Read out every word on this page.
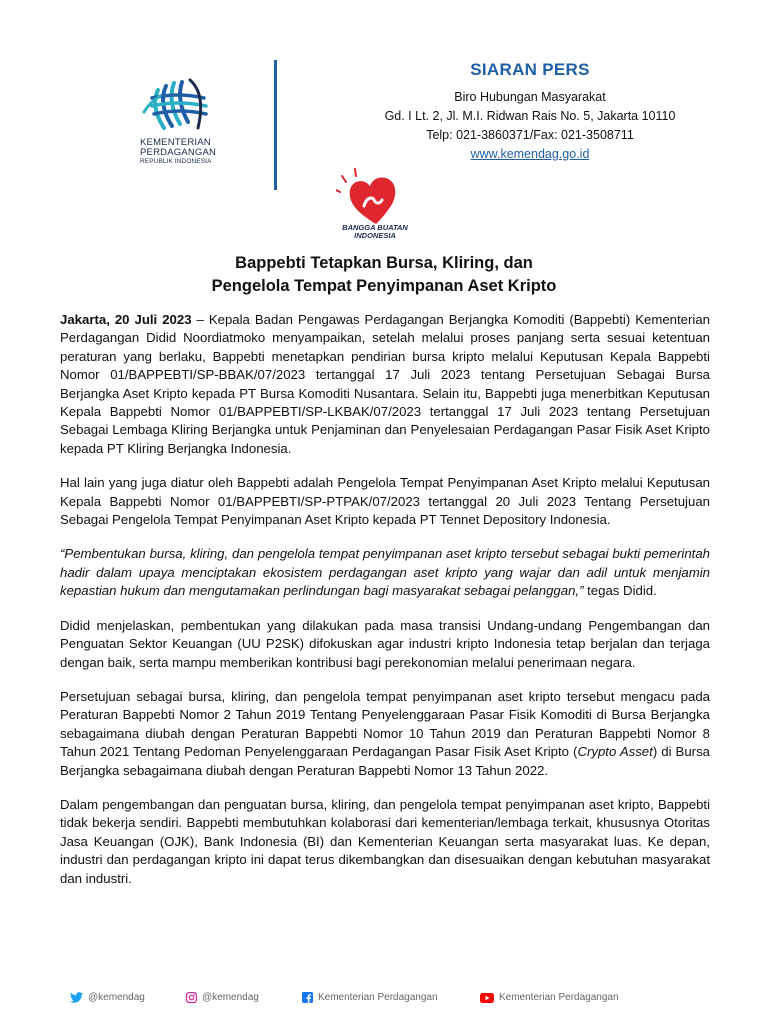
KEMENTERIAN
PERDAGANGAN
REPUBLIK INDONESIA
SIARAN PERS
Biro Hubungan Masyarakat
Gd. I Lt. 2, Jl. M.I. Ridwan Rais No. 5, Jakarta 10110
Telp: 021-3860371/Fax: 021-3508711
www.kemendag.go.id
BANGGA BUATAN
INDONESIA
Bappebti Tetapkan Bursa, Kliring, dan
Pengelola Tempat Penyimpanan Aset Kripto

Jakarta, 20 Juli 2023 – Kepala Badan Pengawas Perdagangan Berjangka Komoditi (Bappebti) Kementerian Perdagangan Didid Noordiatmoko menyampaikan, setelah melalui proses panjang serta sesuai ketentuan peraturan yang berlaku, Bappebti menetapkan pendirian bursa kripto melalui Keputusan Kepala Bappebti Nomor 01/BAPPEBTI/SP-BBAK/07/2023 tertanggal 17 Juli 2023 tentang Persetujuan Sebagai Bursa Berjangka Aset Kripto kepada PT Bursa Komoditi Nusantara. Selain itu, Bappebti juga menerbitkan Keputusan Kepala Bappebti Nomor 01/BAPPEBTI/SP-LKBAK/07/2023 tertanggal 17 Juli 2023 tentang Persetujuan Sebagai Lembaga Kliring Berjangka untuk Penjaminan dan Penyelesaian Perdagangan Pasar Fisik Aset Kripto kepada PT Kliring Berjangka Indonesia.

Hal lain yang juga diatur oleh Bappebti adalah Pengelola Tempat Penyimpanan Aset Kripto melalui Keputusan Kepala Bappebti Nomor 01/BAPPEBTI/SP-PTPAK/07/2023 tertanggal 20 Juli 2023 Tentang Persetujuan Sebagai Pengelola Tempat Penyimpanan Aset Kripto kepada PT Tennet Depository Indonesia.

“Pembentukan bursa, kliring, dan pengelola tempat penyimpanan aset kripto tersebut sebagai bukti pemerintah hadir dalam upaya menciptakan ekosistem perdagangan aset kripto yang wajar dan adil untuk menjamin kepastian hukum dan mengutamakan perlindungan bagi masyarakat sebagai pelanggan,” tegas Didid.

Didid menjelaskan, pembentukan yang dilakukan pada masa transisi Undang-undang Pengembangan dan Penguatan Sektor Keuangan (UU P2SK) difokuskan agar industri kripto Indonesia tetap berjalan dan terjaga dengan baik, serta mampu memberikan kontribusi bagi perekonomian melalui penerimaan negara.

Persetujuan sebagai bursa, kliring, dan pengelola tempat penyimpanan aset kripto tersebut mengacu pada Peraturan Bappebti Nomor 2 Tahun 2019 Tentang Penyelenggaraan Pasar Fisik Komoditi di Bursa Berjangka sebagaimana diubah dengan Peraturan Bappebti Nomor 10 Tahun 2019 dan Peraturan Bappebti Nomor 8 Tahun 2021 Tentang Pedoman Penyelenggaraan Perdagangan Pasar Fisik Aset Kripto (Crypto Asset) di Bursa Berjangka sebagaimana diubah dengan Peraturan Bappebti Nomor 13 Tahun 2022.

Dalam pengembangan dan penguatan bursa, kliring, dan pengelola tempat penyimpanan aset kripto, Bappebti tidak bekerja sendiri. Bappebti membutuhkan kolaborasi dari kementerian/lembaga terkait, khususnya Otoritas Jasa Keuangan (OJK), Bank Indonesia (BI) dan Kementerian Keuangan serta masyarakat luas. Ke depan, industri dan perdagangan kripto ini dapat terus dikembangkan dan disesuaikan dengan kebutuhan masyarakat dan industri.

@kemendag	@kemendag	Kementerian Perdagangan	Kementerian Perdagangan
